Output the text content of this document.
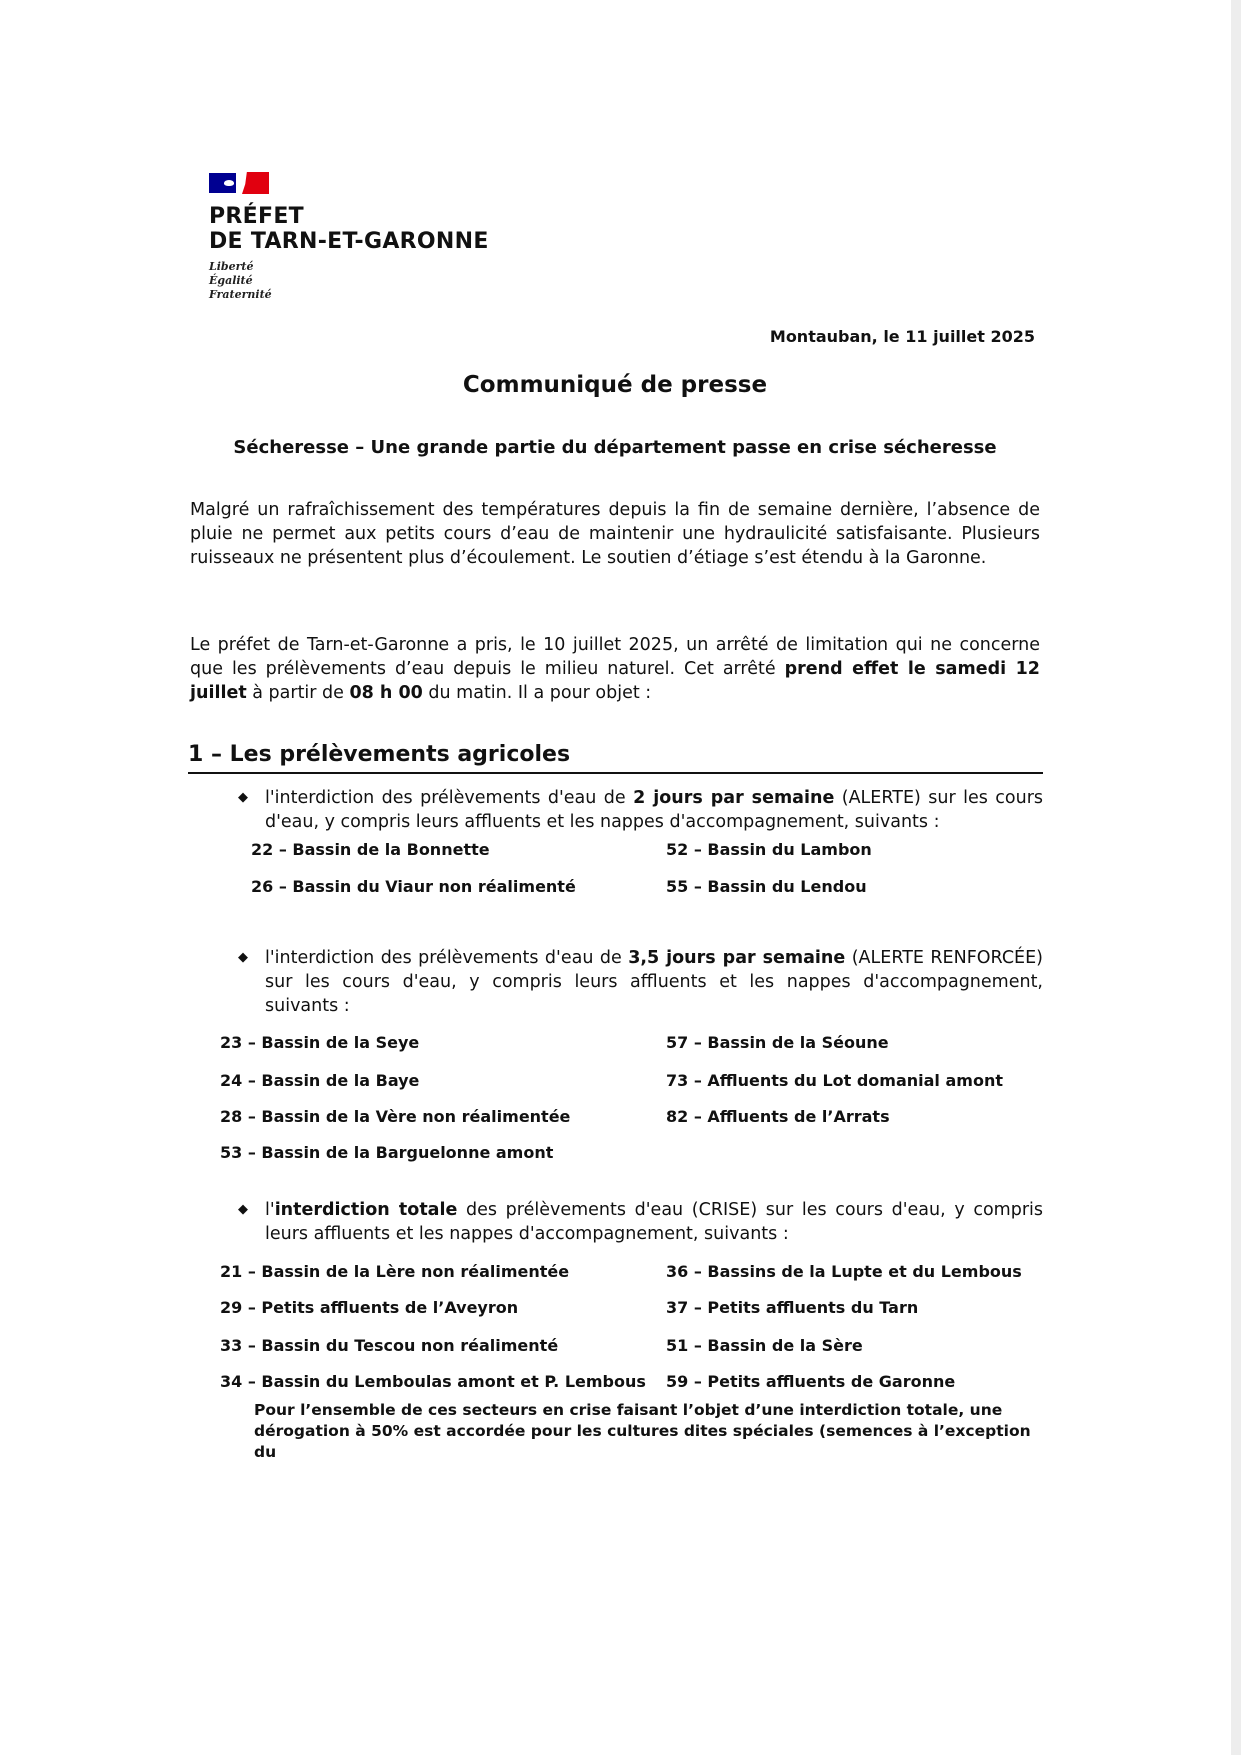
PRÉFET
DE TARN-ET-GARONNE
Liberté
Égalité
Fraternité
Montauban, le 11 juillet 2025
Communiqué de presse
Sécheresse – Une grande partie du département passe en crise sécheresse
Malgré un rafraîchissement des températures depuis la fin de semaine dernière, l’absence de pluie ne permet aux petits cours d’eau de maintenir une hydraulicité satisfaisante. Plusieurs ruisseaux ne présentent plus d’écoulement. Le soutien d’étiage s’est étendu à la Garonne.
Le préfet de Tarn-et-Garonne a pris, le 10 juillet 2025, un arrêté de limitation qui ne concerne que les prélèvements d’eau depuis le milieu naturel. Cet arrêté prend effet le samedi 12 juillet à partir de 08 h 00 du matin. Il a pour objet :
1 – Les prélèvements agricoles
◆ l'interdiction des prélèvements d'eau de 2 jours par semaine (ALERTE) sur les cours d'eau, y compris leurs affluents et les nappes d'accompagnement, suivants :
22 – Bassin de la Bonnette	52 – Bassin du Lambon
26 – Bassin du Viaur non réalimenté	55 – Bassin du Lendou
◆ l'interdiction des prélèvements d'eau de 3,5 jours par semaine (ALERTE RENFORCÉE) sur les cours d'eau, y compris leurs affluents et les nappes d'accompagnement, suivants :
23 – Bassin de la Seye	57 – Bassin de la Séoune
24 – Bassin de la Baye	73 – Affluents du Lot domanial amont
28 – Bassin de la Vère non réalimentée	82 – Affluents de l’Arrats
53 – Bassin de la Barguelonne amont
◆ l'interdiction totale des prélèvements d'eau (CRISE) sur les cours d'eau, y compris leurs affluents et les nappes d'accompagnement, suivants :
21 – Bassin de la Lère non réalimentée	36 – Bassins de la Lupte et du Lembous
29 – Petits affluents de l’Aveyron	37 – Petits affluents du Tarn
33 – Bassin du Tescou non réalimenté	51 – Bassin de la Sère
34 – Bassin du Lemboulas amont et P. Lembous 59 – Petits affluents de Garonne
Pour l’ensemble de ces secteurs en crise faisant l’objet d’une interdiction totale, une dérogation à 50% est accordée pour les cultures dites spéciales (semences à l’exception du
